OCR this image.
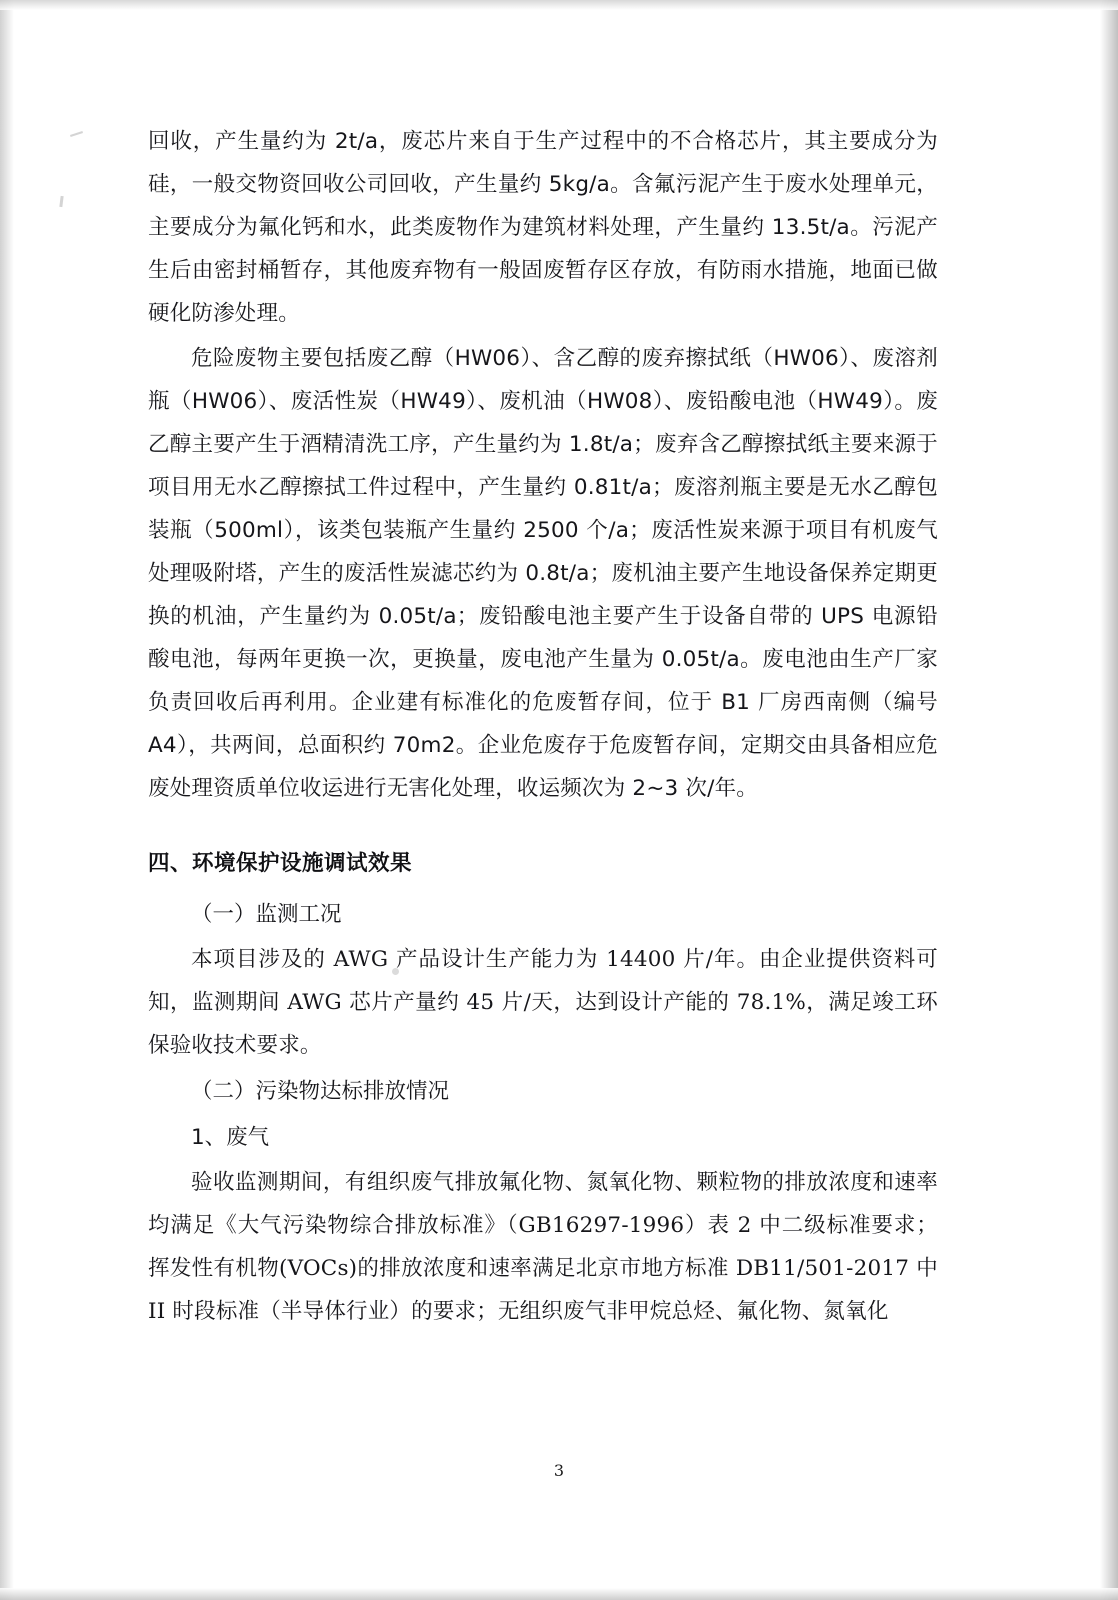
回收，产生量约为 2t/a，废芯片来自于生产过程中的不合格芯片，其主要成分为硅，一般交物资回收公司回收，产生量约 5kg/a。含氟污泥产生于废水处理单元，主要成分为氟化钙和水，此类废物作为建筑材料处理，产生量约 13.5t/a。污泥产生后由密封桶暂存，其他废弃物有一般固废暂存区存放，有防雨水措施，地面已做硬化防渗处理。

危险废物主要包括废乙醇（HW06）、含乙醇的废弃擦拭纸（HW06）、废溶剂瓶（HW06）、废活性炭（HW49）、废机油（HW08）、废铅酸电池（HW49）。废乙醇主要产生于酒精清洗工序，产生量约为 1.8t/a；废弃含乙醇擦拭纸主要来源于项目用无水乙醇擦拭工件过程中，产生量约 0.81t/a；废溶剂瓶主要是无水乙醇包装瓶（500ml），该类包装瓶产生量约 2500 个/a；废活性炭来源于项目有机废气处理吸附塔，产生的废活性炭滤芯约为 0.8t/a；废机油主要产生地设备保养定期更换的机油，产生量约为 0.05t/a；废铅酸电池主要产生于设备自带的 UPS 电源铅酸电池，每两年更换一次，更换量，废电池产生量为 0.05t/a。废电池由生产厂家负责回收后再利用。企业建有标准化的危废暂存间，位于 B1 厂房西南侧（编号 A4），共两间，总面积约 70m2。企业危废存于危废暂存间，定期交由具备相应危废处理资质单位收运进行无害化处理，收运频次为 2~3 次/年。

四、环境保护设施调试效果
（一）监测工况

本项目涉及的 AWG 产品设计生产能力为 14400 片/年。由企业提供资料可知，监测期间 AWG 芯片产量约 45 片/天，达到设计产能的 78.1%，满足竣工环保验收技术要求。

（二）污染物达标排放情况
1、废气

验收监测期间，有组织废气排放氟化物、氮氧化物、颗粒物的排放浓度和速率均满足《大气污染物综合排放标准》（GB16297-1996）表 2 中二级标准要求；挥发性有机物(VOCs)的排放浓度和速率满足北京市地方标准 DB11/501-2017 中 II 时段标准（半导体行业）的要求；无组织废气非甲烷总烃、氟化物、氮氧化

3
